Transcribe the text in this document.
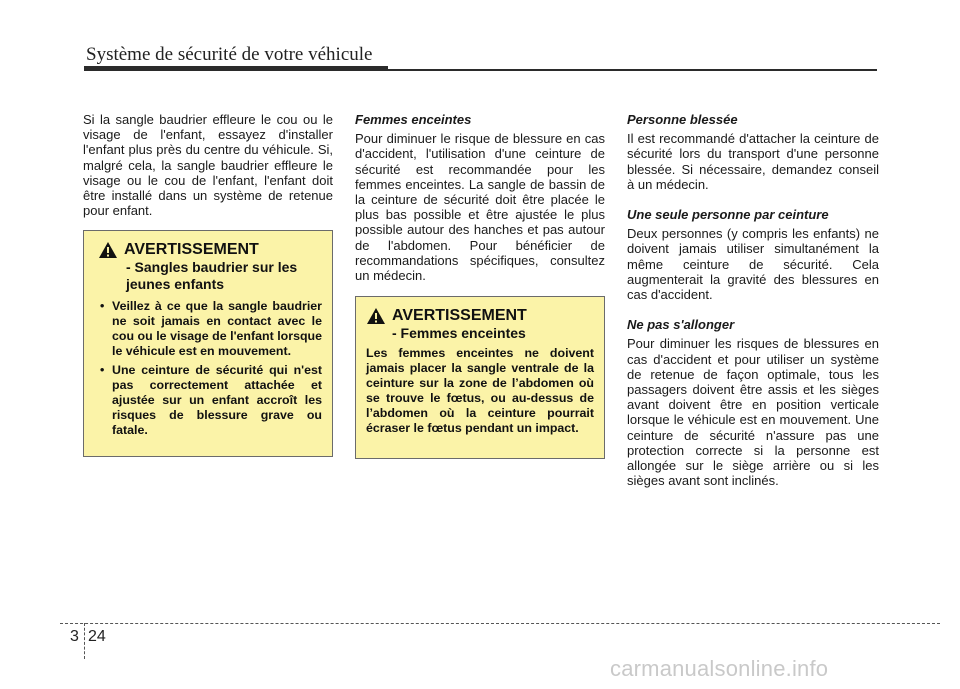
Système de sécurité de votre véhicule

Si la sangle baudrier effleure le cou ou le visage de l'enfant, essayez d'installer l'enfant plus près du centre du véhicule. Si, malgré cela, la sangle baudrier effleure le visage ou le cou de l'enfant, l'enfant doit être installé dans un système de retenue pour enfant.

AVERTISSEMENT
- Sangles baudrier sur les jeunes enfants
• Veillez à ce que la sangle baudrier ne soit jamais en contact avec le cou ou le visage de l'enfant lorsque le véhicule est en mouvement.
• Une ceinture de sécurité qui n'est pas correctement attachée et ajustée sur un enfant accroît les risques de blessure grave ou fatale.
Femmes enceintes

Pour diminuer le risque de blessure en cas d'accident, l'utilisation d'une ceinture de sécurité est recommandée pour les femmes enceintes. La sangle de bassin de la ceinture de sécurité doit être placée le plus bas possible et être ajustée le plus possible autour des hanches et pas autour de l'abdomen. Pour bénéficier de recommandations spécifiques, consultez un médecin.

AVERTISSEMENT
- Femmes enceintes
Les femmes enceintes ne doivent jamais placer la sangle ventrale de la ceinture sur la zone de l’abdomen où se trouve le fœtus, ou au-dessus de l’abdomen où la ceinture pourrait écraser le fœtus pendant un impact.
Personne blessée

Il est recommandé d'attacher la ceinture de sécurité lors du transport d'une personne blessée. Si nécessaire, demandez conseil à un médecin.

Une seule personne par ceinture

Deux personnes (y compris les enfants) ne doivent jamais utiliser simultanément la même ceinture de sécurité. Cela augmenterait la gravité des blessures en cas d'accident.

Ne pas s'allonger

Pour diminuer les risques de blessures en cas d'accident et pour utiliser un système de retenue de façon optimale, tous les passagers doivent être assis et les sièges avant doivent être en position verticale lorsque le véhicule est en mouvement. Une ceinture de sécurité n'assure pas une protection correcte si la personne est allongée sur le siège arrière ou si les sièges avant sont inclinés.

3 24
carmanualsonline.info
